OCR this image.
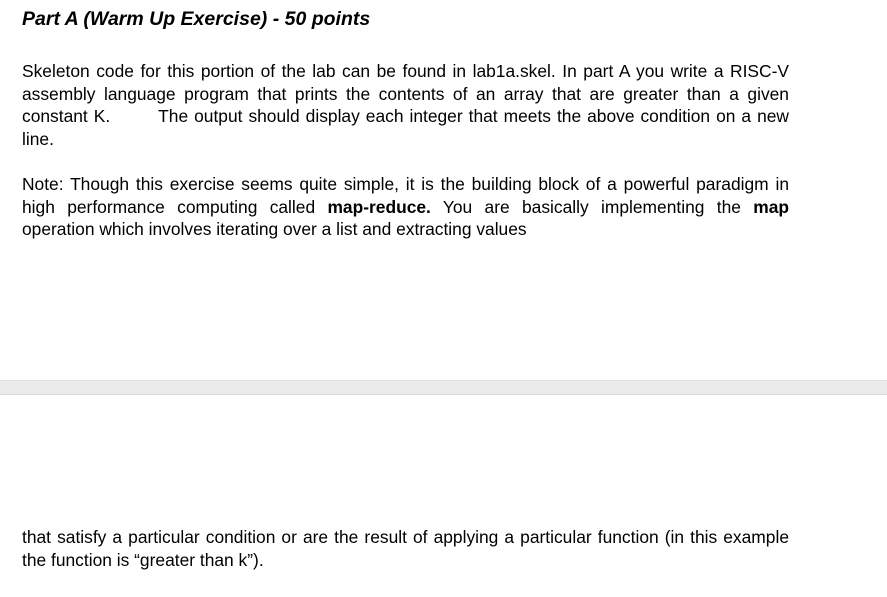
Part A (Warm Up Exercise) - 50 points

Skeleton code for this portion of the lab can be found in lab1a.skel. In part A you write a RISC-V assembly language program that prints the contents of an array that are greater than a given constant K.	The output should display each integer that meets the above condition on a new line.

Note: Though this exercise seems quite simple, it is the building block of a powerful paradigm in high performance computing called map-reduce. You are basically implementing the map operation which involves iterating over a list and extracting values

that satisfy a particular condition or are the result of applying a particular function (in this example the function is “greater than k”).
